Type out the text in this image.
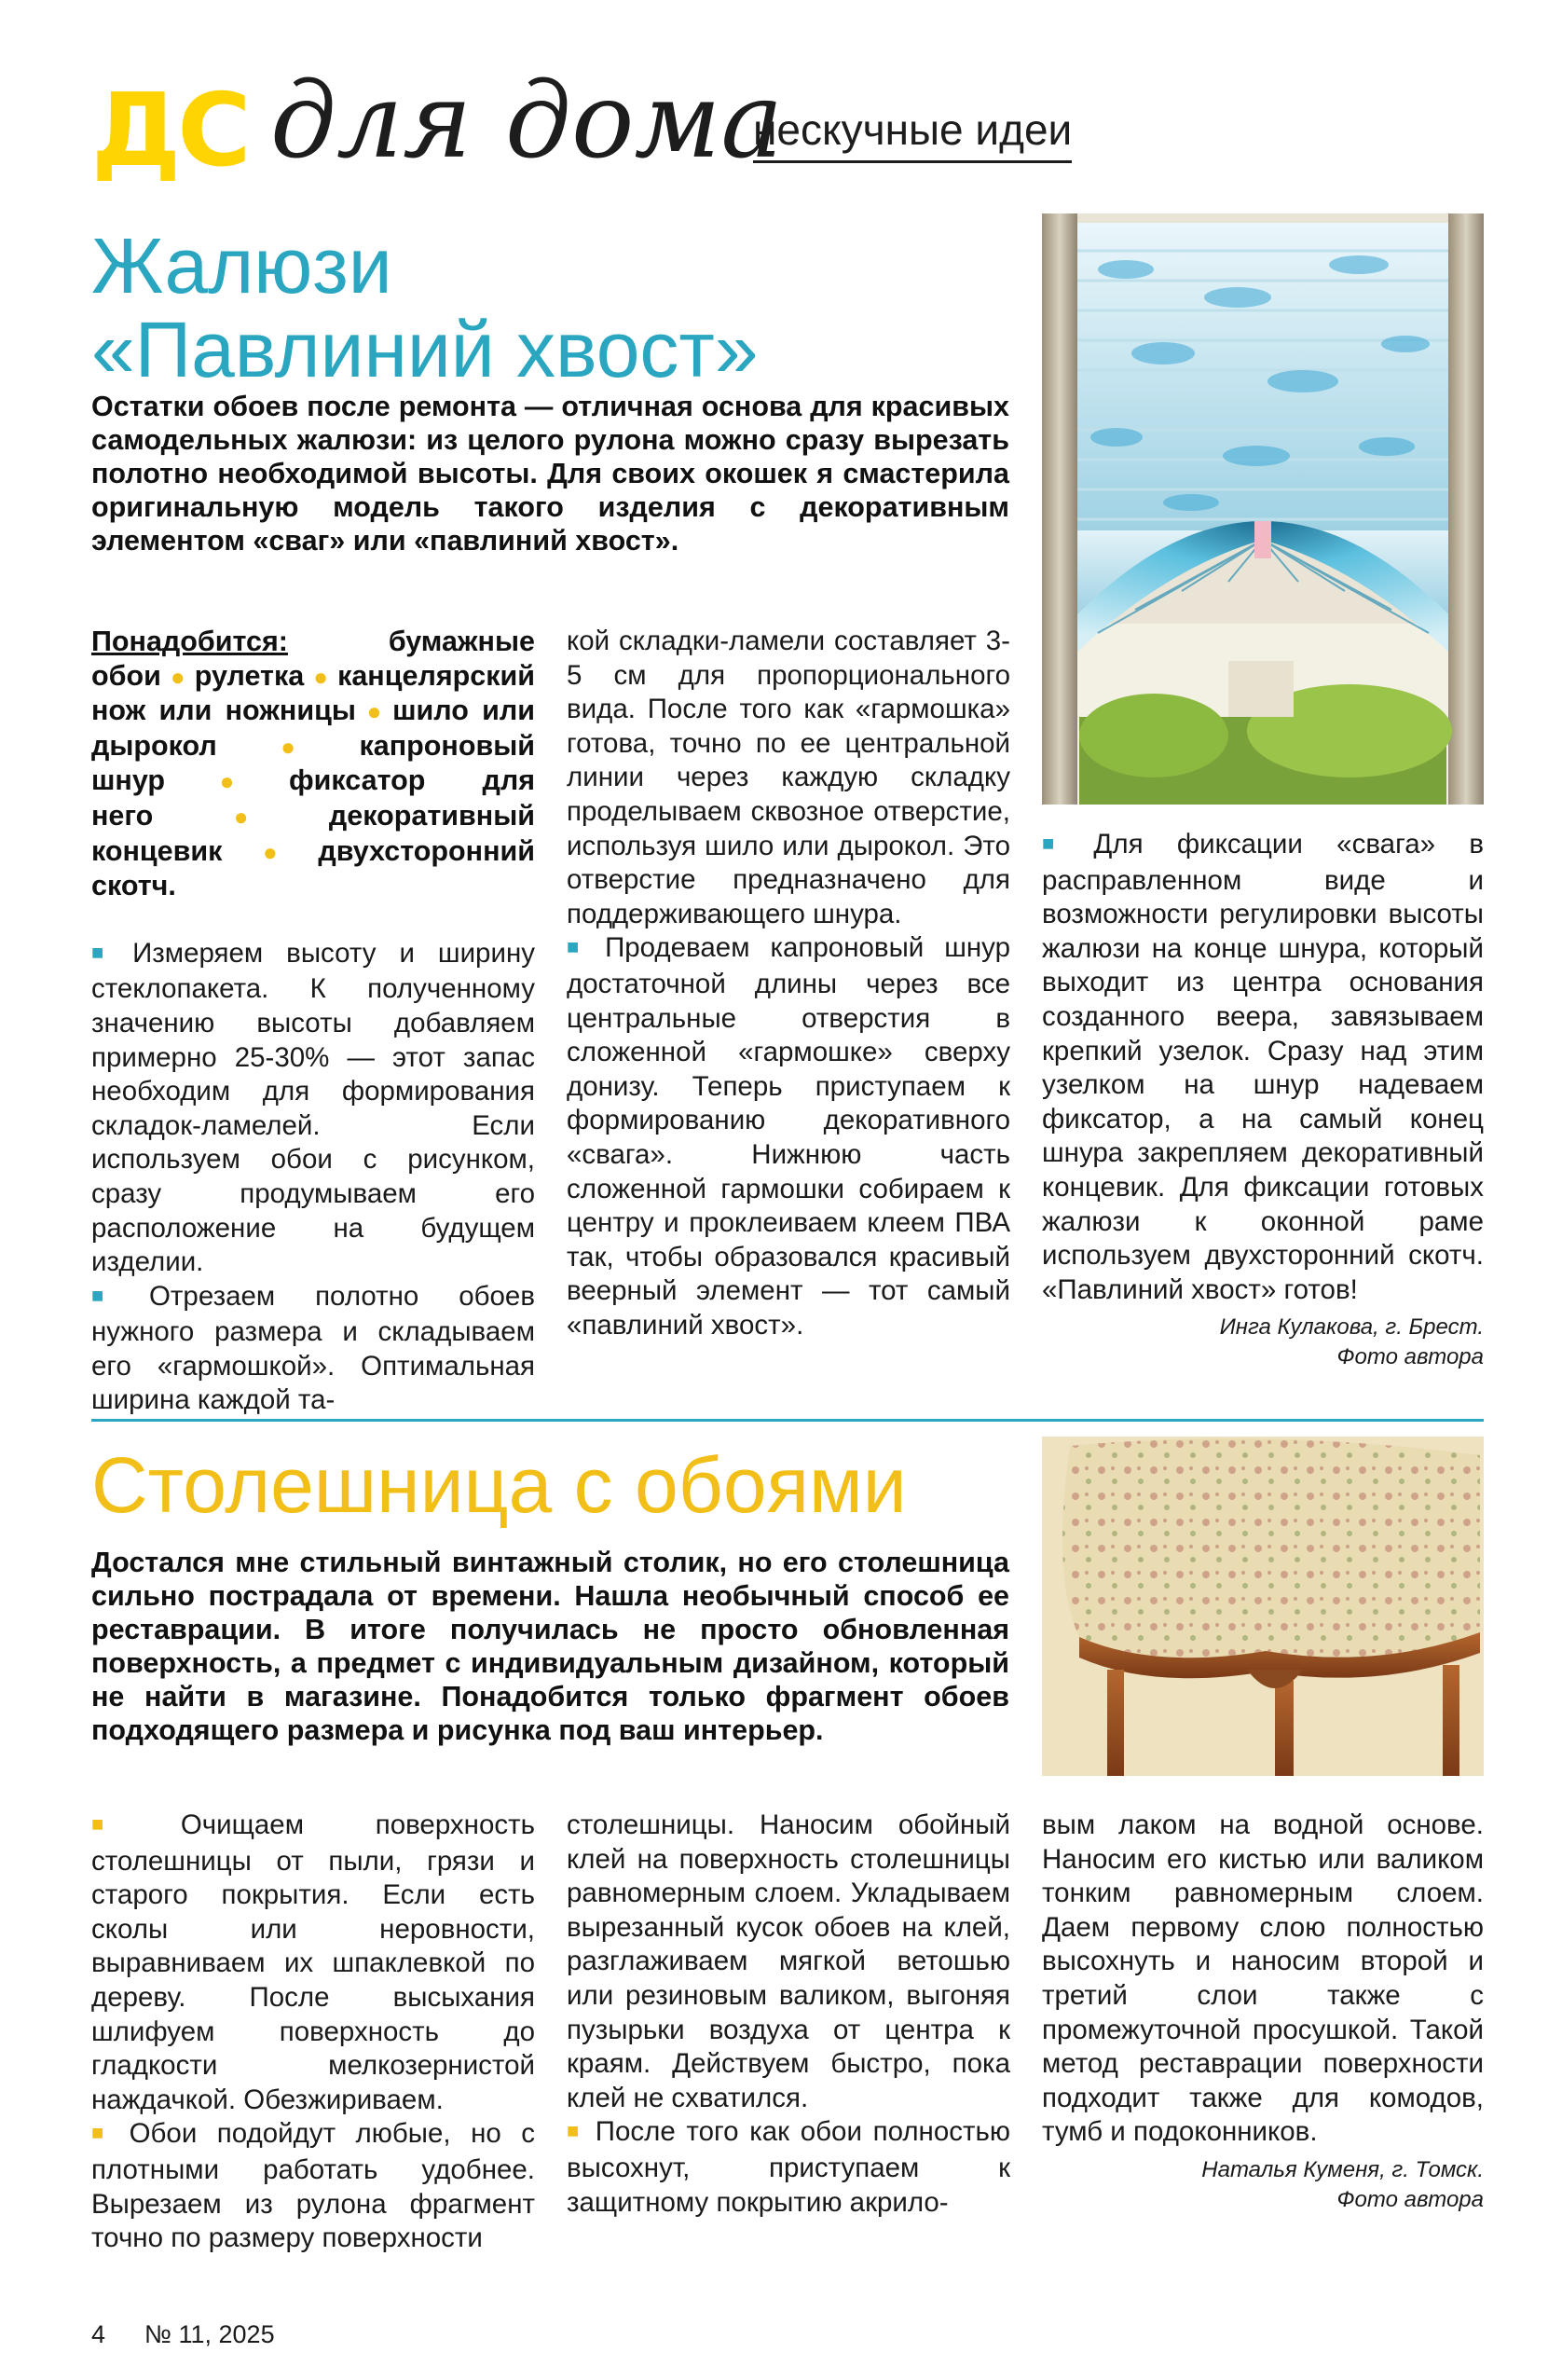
ДС для дома
нескучные идеи
Жалюзи
«Павлиний хвост»

Остатки обоев после ремонта — отличная основа для красивых самодельных жалюзи: из целого рулона можно сразу вырезать полотно необходимой высоты. Для своих окошек я смастерила оригинальную модель такого изделия с декоративным элементом «сваг» или «павлиний хвост».

Понадобится:	бумажные обои ● рулетка ● канцелярский нож или ножницы ● шило или дырокол ● капроновый шнур ● фиксатор для него ● декоративный концевик ● двухсторонний скотч.

■ Измеряем высоту и ширину стеклопакета. К полученному значению высоты добавляем примерно 25-30% — этот запас необходим для формирования складок-ламелей. Если используем обои с рисунком, сразу продумываем его расположение на будущем изделии.

■ Отрезаем полотно обоев нужного размера и складываем его «гармошкой». Оптимальная ширина каждой та-

кой складки-ламели составляет 3-5 см для пропорционального вида. После того как «гармошка» готова, точно по ее центральной линии через каждую складку проделываем сквозное отверстие, используя шило или дырокол. Это отверстие предназначено для поддерживающего шнура.

■ Продеваем капроновый шнур достаточной длины через все центральные отверстия в сложенной «гармошке» сверху донизу. Теперь приступаем к формированию декоративного «свага». Нижнюю часть сложенной гармошки собираем к центру и проклеиваем клеем ПВА так, чтобы образовался красивый веерный элемент — тот самый «павлиний хвост».

■ Для фиксации «свага» в расправленном виде и возможности регулировки высоты жалюзи на конце шнура, который выходит из центра основания созданного веера, завязываем крепкий узелок. Сразу над этим узелком на шнур надеваем фиксатор, а на самый конец шнура закрепляем декоративный концевик. Для фиксации готовых жалюзи к оконной раме используем двухсторонний скотч. «Павлиний хвост» готов!

Инга Кулакова, г. Брест.
Фото автора
Столешница с обоями

Достался мне стильный винтажный столик, но его столешница сильно пострадала от времени. Нашла необычный способ ее реставрации. В итоге получилась не просто обновленная поверхность, а предмет с индивидуальным дизайном, который не найти в магазине. Понадобится только фрагмент обоев подходящего размера и рисунка под ваш интерьер.

■ Очищаем поверхность столешницы от пыли, грязи и старого покрытия. Если есть сколы или неровности, выравниваем их шпаклевкой по дереву. После высыхания шлифуем поверхность до гладкости мелкозернистой наждачкой. Обезжириваем.

■ Обои подойдут любые, но с плотными работать удобнее. Вырезаем из рулона фрагмент точно по размеру поверхности

столешницы. Наносим обойный клей на поверхность столешницы равномерным слоем. Укладываем вырезанный кусок обоев на клей, разглаживаем мягкой ветошью или резиновым валиком, выгоняя пузырьки воздуха от центра к краям. Действуем быстро, пока клей не схватился.

■ После того как обои полностью высохнут, приступаем к защитному покрытию акрило-

вым лаком на водной основе. Наносим его кистью или валиком тонким равномерным слоем. Даем первому слою полностью высохнуть и наносим второй и третий слои также с промежуточной просушкой. Такой метод реставрации поверхности подходит также для комодов, тумб и подоконников.

Наталья Куменя, г. Томск.
Фото автора
4 № 11, 2025
